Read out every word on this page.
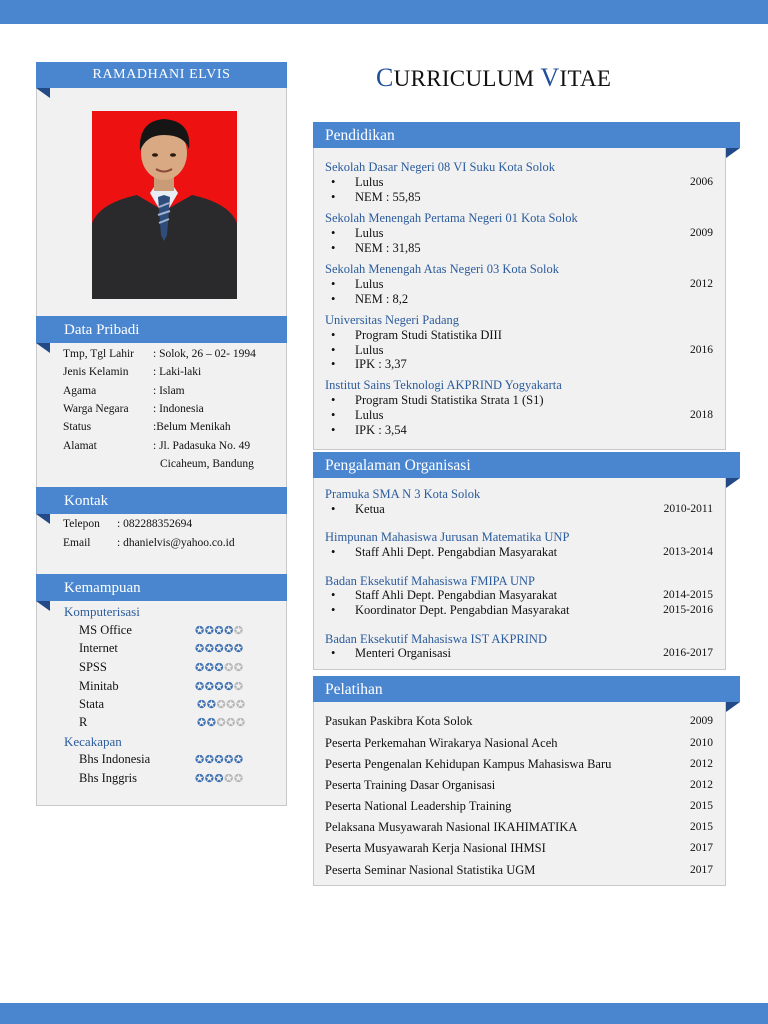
RAMADHANI ELVIS
Data Pribadi
Tmp, Tgl Lahir : Solok, 26 – 02- 1994
Jenis Kelamin : Laki-laki
Agama	: Islam
Warga Negara : Indonesia
Status	:Belum Menikah
Alamat	: Jl. Padasuka No. 49
Cicaheum, Bandung
Kontak
Telepon : 082288352694
Email : dhanielvis@yahoo.co.id
Kemampuan
Komputerisasi
MS Office	✪✪✪✪✪
Internet	✪✪✪✪✪
SPSS	✪✪✪✪✪
Minitab	✪✪✪✪✪
Stata	✪✪✪✪✪
R	✪✪✪✪✪
Kecakapan
Bhs Indonesia	✪✪✪✪✪
Bhs Inggris	✪✪✪✪✪
CURRICULUM VITAE
Pendidikan
Sekolah Dasar Negeri 08 VI Suku Kota Solok
• Lulus	2006
• NEM : 55,85
Sekolah Menengah Pertama Negeri 01 Kota Solok
• Lulus	2009
• NEM : 31,85
Sekolah Menengah Atas Negeri 03 Kota Solok
• Lulus	2012
• NEM : 8,2
Universitas Negeri Padang
• Program Studi Statistika DIII
• Lulus	2016
• IPK : 3,37
Institut Sains Teknologi AKPRIND Yogyakarta
• Program Studi Statistika Strata 1 (S1)
• Lulus	2018
• IPK : 3,54
Pengalaman Organisasi
Pramuka SMA N 3 Kota Solok
• Ketua	2010-2011
Himpunan Mahasiswa Jurusan Matematika UNP
• Staff Ahli Dept. Pengabdian Masyarakat	2013-2014
Badan Eksekutif Mahasiswa FMIPA UNP
• Staff Ahli Dept. Pengabdian Masyarakat	2014-2015
• Koordinator Dept. Pengabdian Masyarakat	2015-2016
Badan Eksekutif Mahasiswa IST AKPRIND
• Menteri Organisasi	2016-2017
Pelatihan
Pasukan Paskibra Kota Solok	2009
Peserta Perkemahan Wirakarya Nasional Aceh	2010
Peserta Pengenalan Kehidupan Kampus Mahasiswa Baru	2012
Peserta Training Dasar Organisasi	2012
Peserta National Leadership Training	2015
Pelaksana Musyawarah Nasional IKAHIMATIKA	2015
Peserta Musyawarah Kerja Nasional IHMSI	2017
Peserta Seminar Nasional Statistika UGM	2017
